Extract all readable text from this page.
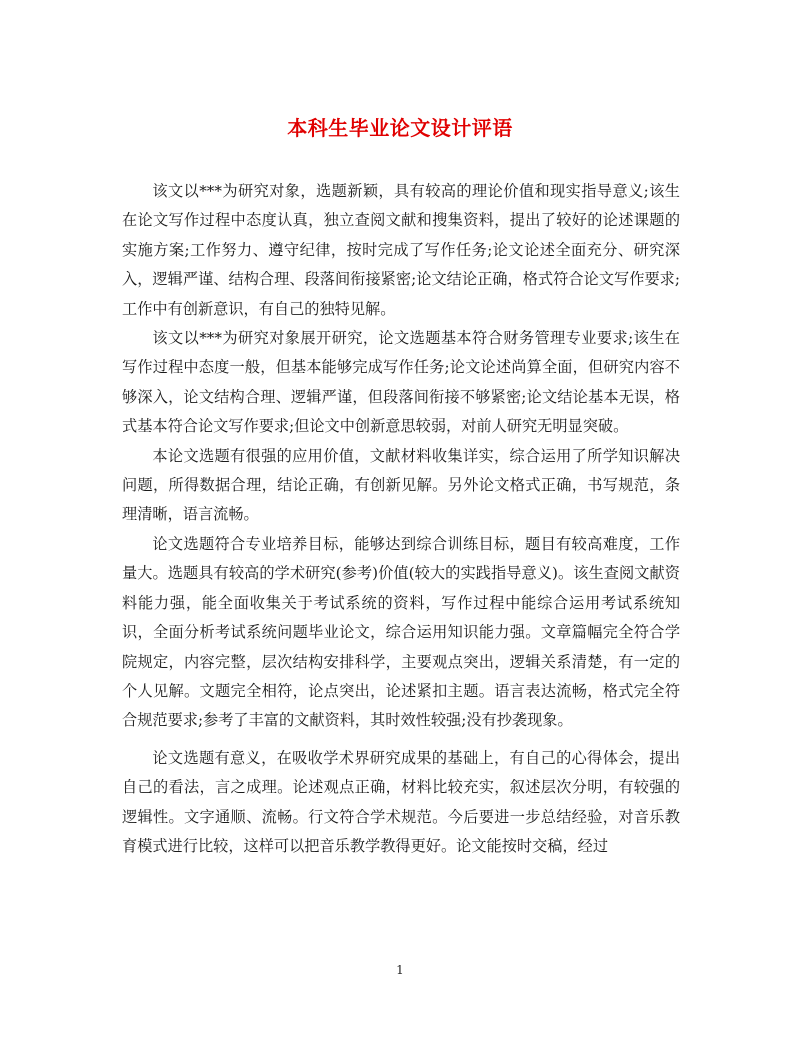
本科生毕业论文设计评语

该文以***为研究对象，选题新颖，具有较高的理论价值和现实指导意义;该生在论文写作过程中态度认真，独立查阅文献和搜集资料，提出了较好的论述课题的实施方案;工作努力、遵守纪律，按时完成了写作任务;论文论述全面充分、研究深入，逻辑严谨、结构合理、段落间衔接紧密;论文结论正确，格式符合论文写作要求;工作中有创新意识，有自己的独特见解。

该文以***为研究对象展开研究，论文选题基本符合财务管理专业要求;该生在写作过程中态度一般，但基本能够完成写作任务;论文论述尚算全面，但研究内容不够深入，论文结构合理、逻辑严谨，但段落间衔接不够紧密;论文结论基本无误，格式基本符合论文写作要求;但论文中创新意思较弱，对前人研究无明显突破。

本论文选题有很强的应用价值，文献材料收集详实，综合运用了所学知识解决问题，所得数据合理，结论正确，有创新见解。另外论文格式正确，书写规范，条理清晰，语言流畅。

论文选题符合专业培养目标，能够达到综合训练目标，题目有较高难度，工作量大。选题具有较高的学术研究(参考)价值(较大的实践指导意义)。该生查阅文献资料能力强，能全面收集关于考试系统的资料，写作过程中能综合运用考试系统知识，全面分析考试系统问题毕业论文，综合运用知识能力强。文章篇幅完全符合学院规定，内容完整，层次结构安排科学，主要观点突出，逻辑关系清楚，有一定的个人见解。文题完全相符，论点突出，论述紧扣主题。语言表达流畅，格式完全符合规范要求;参考了丰富的文献资料，其时效性较强;没有抄袭现象。

论文选题有意义，在吸收学术界研究成果的基础上，有自己的心得体会，提出自己的看法，言之成理。论述观点正确，材料比较充实，叙述层次分明，有较强的逻辑性。文字通顺、流畅。行文符合学术规范。今后要进一步总结经验，对音乐教育模式进行比较，这样可以把音乐教学教得更好。论文能按时交稿，经过

1
